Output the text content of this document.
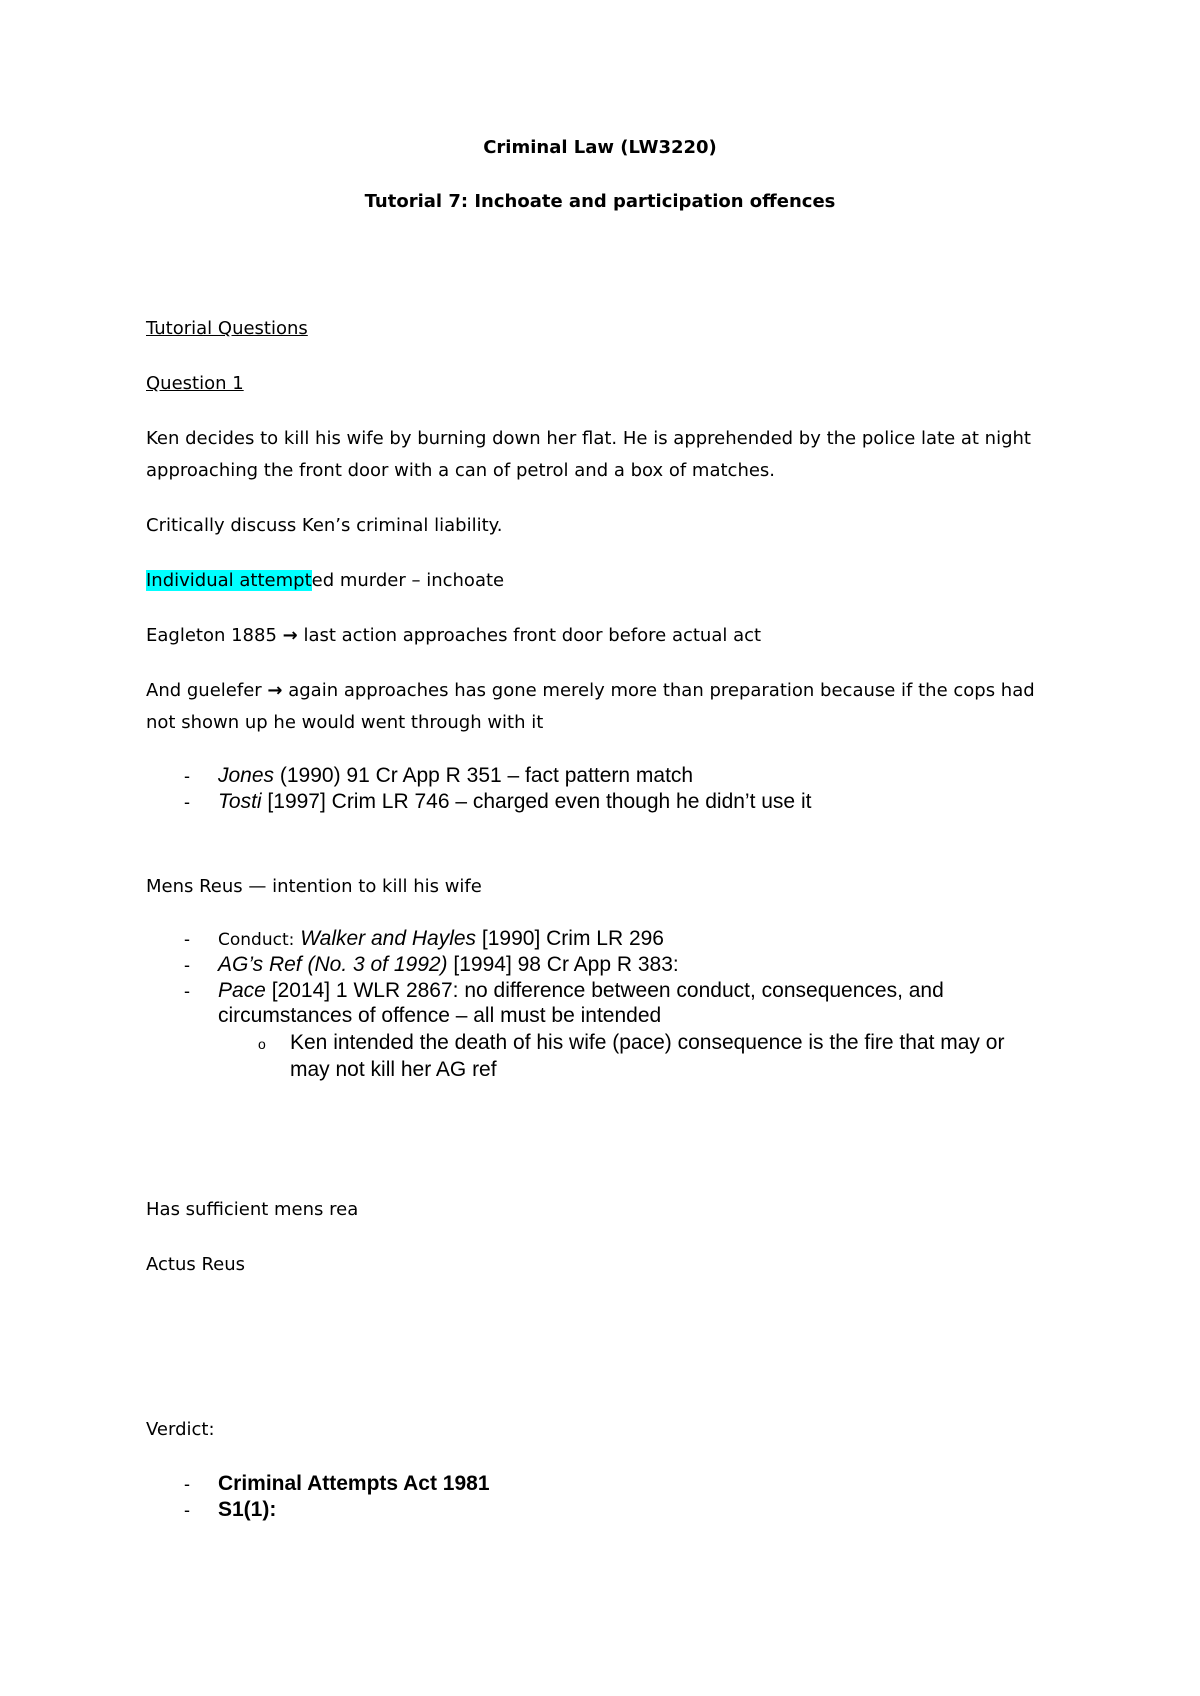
Criminal Law (LW3220)
Tutorial 7: Inchoate and participation offences
Tutorial Questions
Question 1
Ken decides to kill his wife by burning down her flat. He is apprehended by the police late at night
approaching the front door with a can of petrol and a box of matches.
Critically discuss Ken’s criminal liability.
Individual attempted murder – inchoate
Eagleton 1885 → last action approaches front door before actual act
And guelefer → again approaches has gone merely more than preparation because if the cops had
not shown up he would went through with it
- Jones (1990) 91 Cr App R 351 – fact pattern match
- Tosti [1997] Crim LR 746 – charged even though he didn’t use it
Mens Reus — intention to kill his wife
- Conduct: Walker and Hayles [1990] Crim LR 296
- AG’s Ref (No. 3 of 1992) [1994] 98 Cr App R 383:
- Pace [2014] 1 WLR 2867: no difference between conduct, consequences, and
circumstances of offence – all must be intended
o Ken intended the death of his wife (pace) consequence is the fire that may or
may not kill her AG ref
Has sufficient mens rea
Actus Reus
Verdict:
- Criminal Attempts Act 1981
- S1(1):
